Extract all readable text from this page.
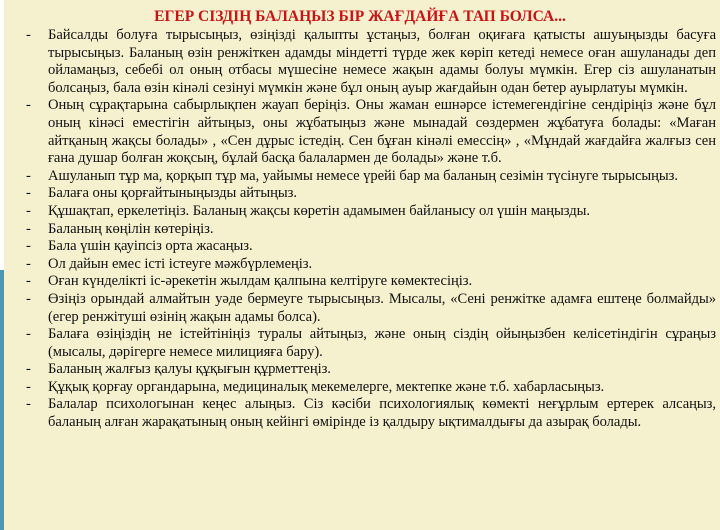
ЕГЕР СІЗДІҢ БАЛАҢЫЗ БІР ЖАҒДАЙҒА ТАП БОЛСА...
- Байсалды болуға тырысыңыз, өзіңізді қалыпты ұстаңыз, болған оқиғаға қатысты ашуыңызды басуға тырысыңыз. Баланың өзін ренжіткен адамды міндетті түрде жек көріп кетеді немесе оған ашуланады деп ойламаңыз, себебі ол оның отбасы мүшесіне немесе жақын адамы болуы мүмкін. Егер сіз ашуланатын болсаңыз, бала өзін кінәлі сезінуі мүмкін және бұл оның ауыр жағдайын одан бетер ауырлатуы мүмкін.
- Оның сұрақтарына сабырлықпен жауап беріңіз. Оны жаман ешнәрсе істемегендігіне сендіріңіз және бұл оның кінәсі еместігін айтыңыз, оны жұбатыңыз және мынадай сөздермен жұбатуға болады: «Маған айтқаның жақсы болады» , «Сен дұрыс істедің. Сен бұған кінәлі емессің» , «Мұндай жағдайға жалғыз сен ғана душар болған жоқсың, бұлай басқа балалармен де болады» және т.б.
- Ашуланып тұр ма, қорқып тұр ма, уайымы немесе үрейі бар ма баланың сезімін түсінуге тырысыңыз.
- Балаға оны қорғайтыныңызды айтыңыз.
- Құшақтап, еркелетіңіз. Баланың жақсы көретін адамымен байланысу ол үшін маңызды.
- Баланың көңілін көтеріңіз.
- Бала үшін қауіпсіз орта жасаңыз.
- Ол дайын емес істі істеуге мәжбүрлемеңіз.
- Оған күнделікті іс-әрекетін жылдам қалпына келтіруге көмектесіңіз.
- Өзіңіз орындай алмайтын уәде бермеуге тырысыңыз. Мысалы, «Сені ренжітке адамға ештеңе болмайды» (егер ренжітуші өзінің жақын адамы болса).
- Балаға өзіңіздің не істейтініңіз туралы айтыңыз, және оның сіздің ойыңызбен келісетіндігін сұраңыз (мысалы, дәрігерге немесе милицияға бару).
- Баланың жалғыз қалуы құқығын құрметтеңіз.
- Құқық қорғау органдарына, медициналық мекемелерге, мектепке және т.б. хабарласыңыз.
- Балалар психологынан кеңес алыңыз. Сіз кәсіби психологиялық көмекті неғұрлым ертерек алсаңыз, баланың алған жарақатының оның кейінгі өмірінде із қалдыру ықтималдығы да азырақ болады.
